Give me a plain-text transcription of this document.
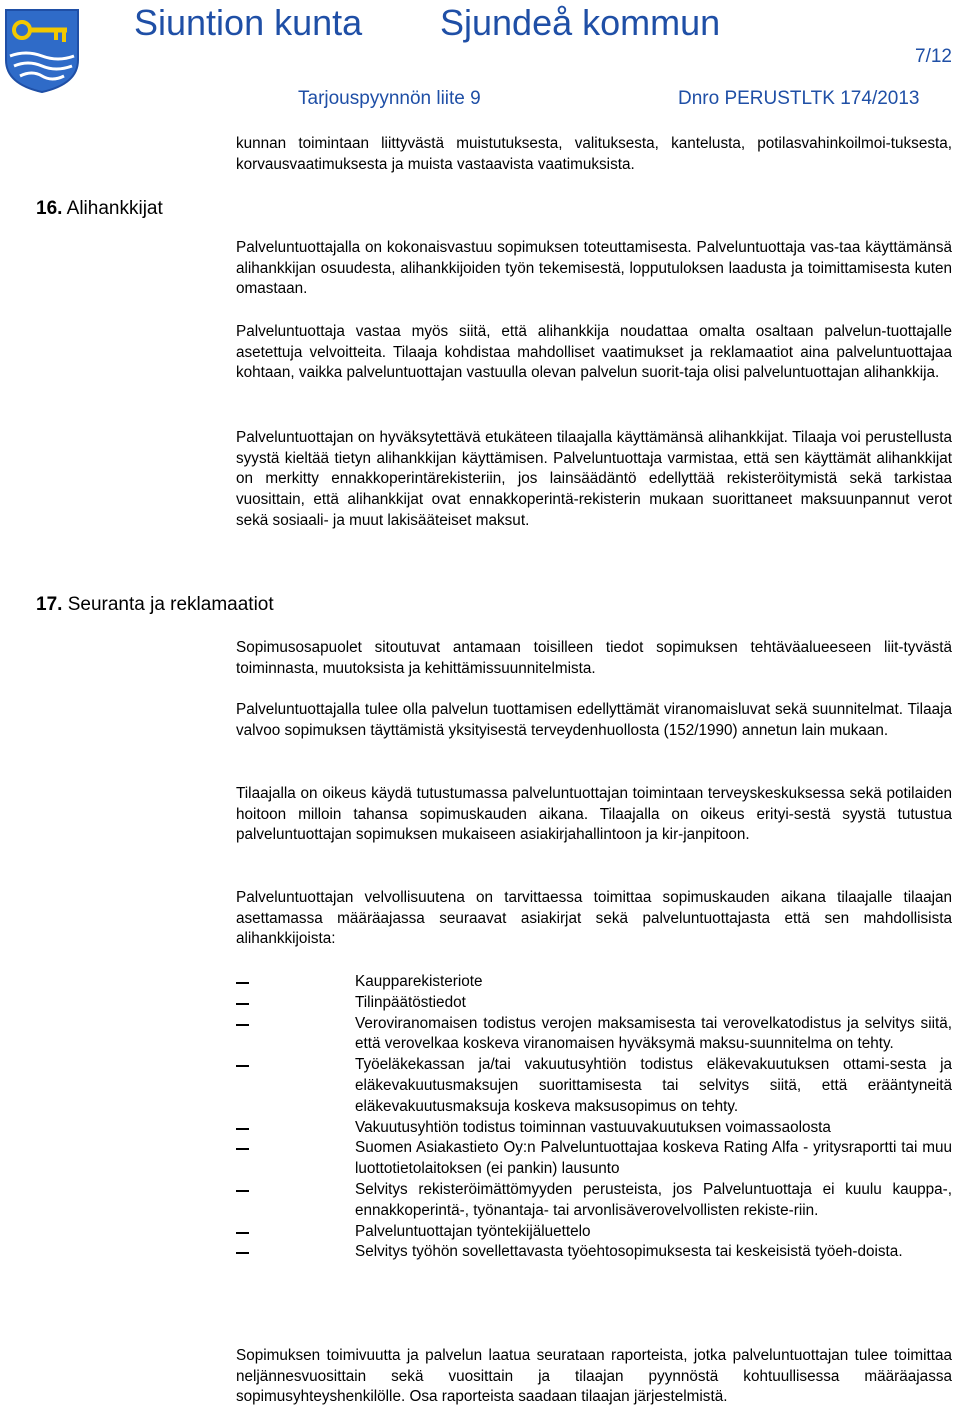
Siuntion kunta Sjundeå kommun
7/12
Tarjouspyynnön liite 9	Dnro PERUSTLTK 174/2013

kunnan toimintaan liittyvästä muistutuksesta, valituksesta, kantelusta, potilasvahinkoilmoi-tuksesta, korvausvaatimuksesta ja muista vastaavista vaatimuksista.

16. Alihankkijat

Palveluntuottajalla on kokonaisvastuu sopimuksen toteuttamisesta. Palveluntuottaja vas-taa käyttämänsä alihankkijan osuudesta, alihankkijoiden työn tekemisestä, lopputuloksen laadusta ja toimittamisesta kuten omastaan.

Palveluntuottaja vastaa myös siitä, että alihankkija noudattaa omalta osaltaan palvelun-tuottajalle asetettuja velvoitteita. Tilaaja kohdistaa mahdolliset vaatimukset ja reklamaatiot aina palveluntuottajaa kohtaan, vaikka palveluntuottajan vastuulla olevan palvelun suorit-taja olisi palveluntuottajan alihankkija.

Palveluntuottajan on hyväksytettävä etukäteen tilaajalla käyttämänsä alihankkijat. Tilaaja voi perustellusta syystä kieltää tietyn alihankkijan käyttämisen. Palveluntuottaja varmistaa, että sen käyttämät alihankkijat on merkitty ennakkoperintärekisteriin, jos lainsäädäntö edellyttää rekisteröitymistä sekä tarkistaa vuosittain, että alihankkijat ovat ennakkoperintä-rekisterin mukaan suorittaneet maksuunpannut verot sekä sosiaali- ja muut lakisääteiset maksut.

17. Seuranta ja reklamaatiot

Sopimusosapuolet sitoutuvat antamaan toisilleen tiedot sopimuksen tehtäväalueeseen liit-tyvästä toiminnasta, muutoksista ja kehittämissuunnitelmista.

Palveluntuottajalla tulee olla palvelun tuottamisen edellyttämät viranomaisluvat sekä suunnitelmat. Tilaaja valvoo sopimuksen täyttämistä yksityisestä terveydenhuollosta (152/1990) annetun lain mukaan.

Tilaajalla on oikeus käydä tutustumassa palveluntuottajan toimintaan terveyskeskuksessa sekä potilaiden hoitoon milloin tahansa sopimuskauden aikana. Tilaajalla on oikeus erityi-sestä syystä tutustua palveluntuottajan sopimuksen mukaiseen asiakirjahallintoon ja kir-janpitoon.

Palveluntuottajan velvollisuutena on tarvittaessa toimittaa sopimuskauden aikana tilaajalle tilaajan asettamassa määräajassa seuraavat asiakirjat sekä palveluntuottajasta että sen mahdollisista alihankkijoista:

Kaupparekisteriote
Tilinpäätöstiedot
Veroviranomaisen todistus verojen maksamisesta tai verovelkatodistus ja selvitys siitä, että verovelkaa koskeva viranomaisen hyväksymä maksu-suunnitelma on tehty.
Työeläkekassan ja/tai vakuutusyhtiön todistus eläkevakuutuksen ottami-sesta ja eläkevakuutusmaksujen suorittamisesta tai selvitys siitä, että erääntyneitä eläkevakuutusmaksuja koskeva maksusopimus on tehty.
Vakuutusyhtiön todistus toiminnan vastuuvakuutuksen voimassaolosta
Suomen Asiakastieto Oy:n Palveluntuottajaa koskeva Rating Alfa - yritysraportti tai muu luottotietolaitoksen (ei pankin) lausunto
Selvitys rekisteröimättömyyden perusteista, jos Palveluntuottaja ei kuulu kauppa-, ennakkoperintä-, työnantaja- tai arvonlisäverovelvollisten rekiste-riin.
Palveluntuottajan työntekijäluettelo
Selvitys työhön sovellettavasta työehtosopimuksesta tai keskeisistä työeh-doista.

Sopimuksen toimivuutta ja palvelun laatua seurataan raporteista, jotka palveluntuottajan tulee toimittaa neljännesvuosittain sekä vuosittain ja tilaajan pyynnöstä kohtuullisessa määräajassa sopimusyhteyshenkilölle. Osa raporteista saadaan tilaajan järjestelmistä.
